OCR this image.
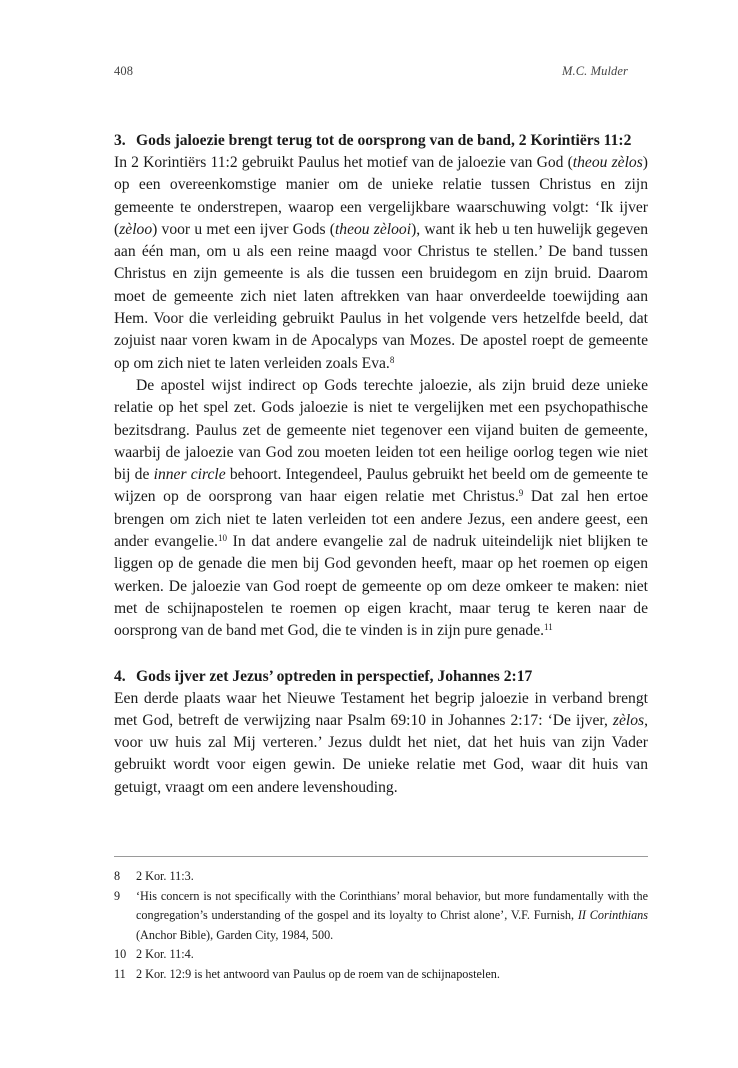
408	M.C. Mulder
3. Gods jaloezie brengt terug tot de oorsprong van de band, 2 Korintiërs 11:2
In 2 Korintiërs 11:2 gebruikt Paulus het motief van de jaloezie van God (theou zèlos) op een overeenkomstige manier om de unieke relatie tussen Christus en zijn gemeente te onderstrepen, waarop een vergelijkbare waarschuwing volgt: ‘Ik ijver (zèloo) voor u met een ijver Gods (theou zèlooi), want ik heb u ten huwelijk gegeven aan één man, om u als een reine maagd voor Christus te stellen.’ De band tussen Christus en zijn gemeente is als die tussen een bruidegom en zijn bruid. Daarom moet de gemeente zich niet laten aftrekken van haar onverdeelde toewijding aan Hem. Voor die verleiding gebruikt Paulus in het volgende vers hetzelfde beeld, dat zojuist naar voren kwam in de Apocalyps van Mozes. De apostel roept de gemeente op om zich niet te laten verleiden zoals Eva.$^8$
De apostel wijst indirect op Gods terechte jaloezie, als zijn bruid deze unieke relatie op het spel zet. Gods jaloezie is niet te vergelijken met een psychopathische bezitsdrang. Paulus zet de gemeente niet tegenover een vijand buiten de gemeente, waarbij de jaloezie van God zou moeten leiden tot een heilige oorlog tegen wie niet bij de inner circle behoort. Integendeel, Paulus gebruikt het beeld om de gemeente te wijzen op de oorsprong van haar eigen relatie met Christus.$^9$ Dat zal hen ertoe brengen om zich niet te laten verleiden tot een andere Jezus, een andere geest, een ander evangelie.$^{10}$ In dat andere evangelie zal de nadruk uiteindelijk niet blijken te liggen op de genade die men bij God gevonden heeft, maar op het roemen op eigen werken. De jaloezie van God roept de gemeente op om deze omkeer te maken: niet met de schijnapostelen te roemen op eigen kracht, maar terug te keren naar de oorsprong van de band met God, die te vinden is in zijn pure genade.$^{11}$
4. Gods ijver zet Jezus’ optreden in perspectief, Johannes 2:17
Een derde plaats waar het Nieuwe Testament het begrip jaloezie in verband brengt met God, betreft de verwijzing naar Psalm 69:10 in Johannes 2:17: ‘De ijver, zèlos, voor uw huis zal Mij verteren.’ Jezus duldt het niet, dat het huis van zijn Vader gebruikt wordt voor eigen gewin. De unieke relatie met God, waar dit huis van getuigt, vraagt om een andere levenshouding.
8	2 Kor. 11:3.
9	‘His concern is not specifically with the Corinthians’ moral behavior, but more fundamentally with the congregation’s understanding of the gospel and its loyalty to Christ alone’, V.F. Furnish, II Corinthians (Anchor Bible), Garden City, 1984, 500.
10 2 Kor. 11:4.
11 2 Kor. 12:9 is het antwoord van Paulus op de roem van de schijnapostelen.
